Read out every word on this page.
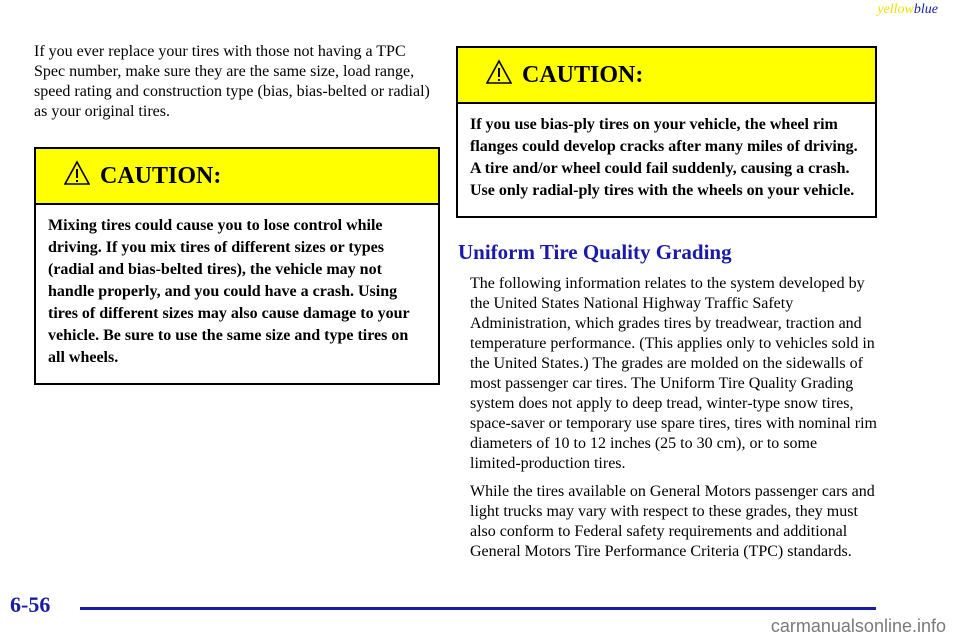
yellowblue

If you ever replace your tires with those not having a TPC Spec number, make sure they are the same size, load range, speed rating and construction type (bias, bias‑belted or radial) as your original tires.

CAUTION:
Mixing tires could cause you to lose control while driving. If you mix tires of different sizes or types (radial and bias‑belted tires), the vehicle may not handle properly, and you could have a crash. Using tires of different sizes may also cause damage to your vehicle. Be sure to use the same size and type tires on all wheels.
CAUTION:
If you use bias‑ply tires on your vehicle, the wheel rim flanges could develop cracks after many miles of driving. A tire and/or wheel could fail suddenly, causing a crash. Use only radial‑ply tires with the wheels on your vehicle.
Uniform Tire Quality Grading

The following information relates to the system developed by the United States National Highway Traffic Safety Administration, which grades tires by treadwear, traction and temperature performance. (This applies only to vehicles sold in the United States.) The grades are molded on the sidewalls of most passenger car tires. The Uniform Tire Quality Grading system does not apply to deep tread, winter‑type snow tires, space‑saver or temporary use spare tires, tires with nominal rim diameters of 10 to 12 inches (25 to 30 cm), or to some limited‑production tires.

While the tires available on General Motors passenger cars and light trucks may vary with respect to these grades, they must also conform to Federal safety requirements and additional General Motors Tire Performance Criteria (TPC) standards.

6-56
carmanualsonline.info
